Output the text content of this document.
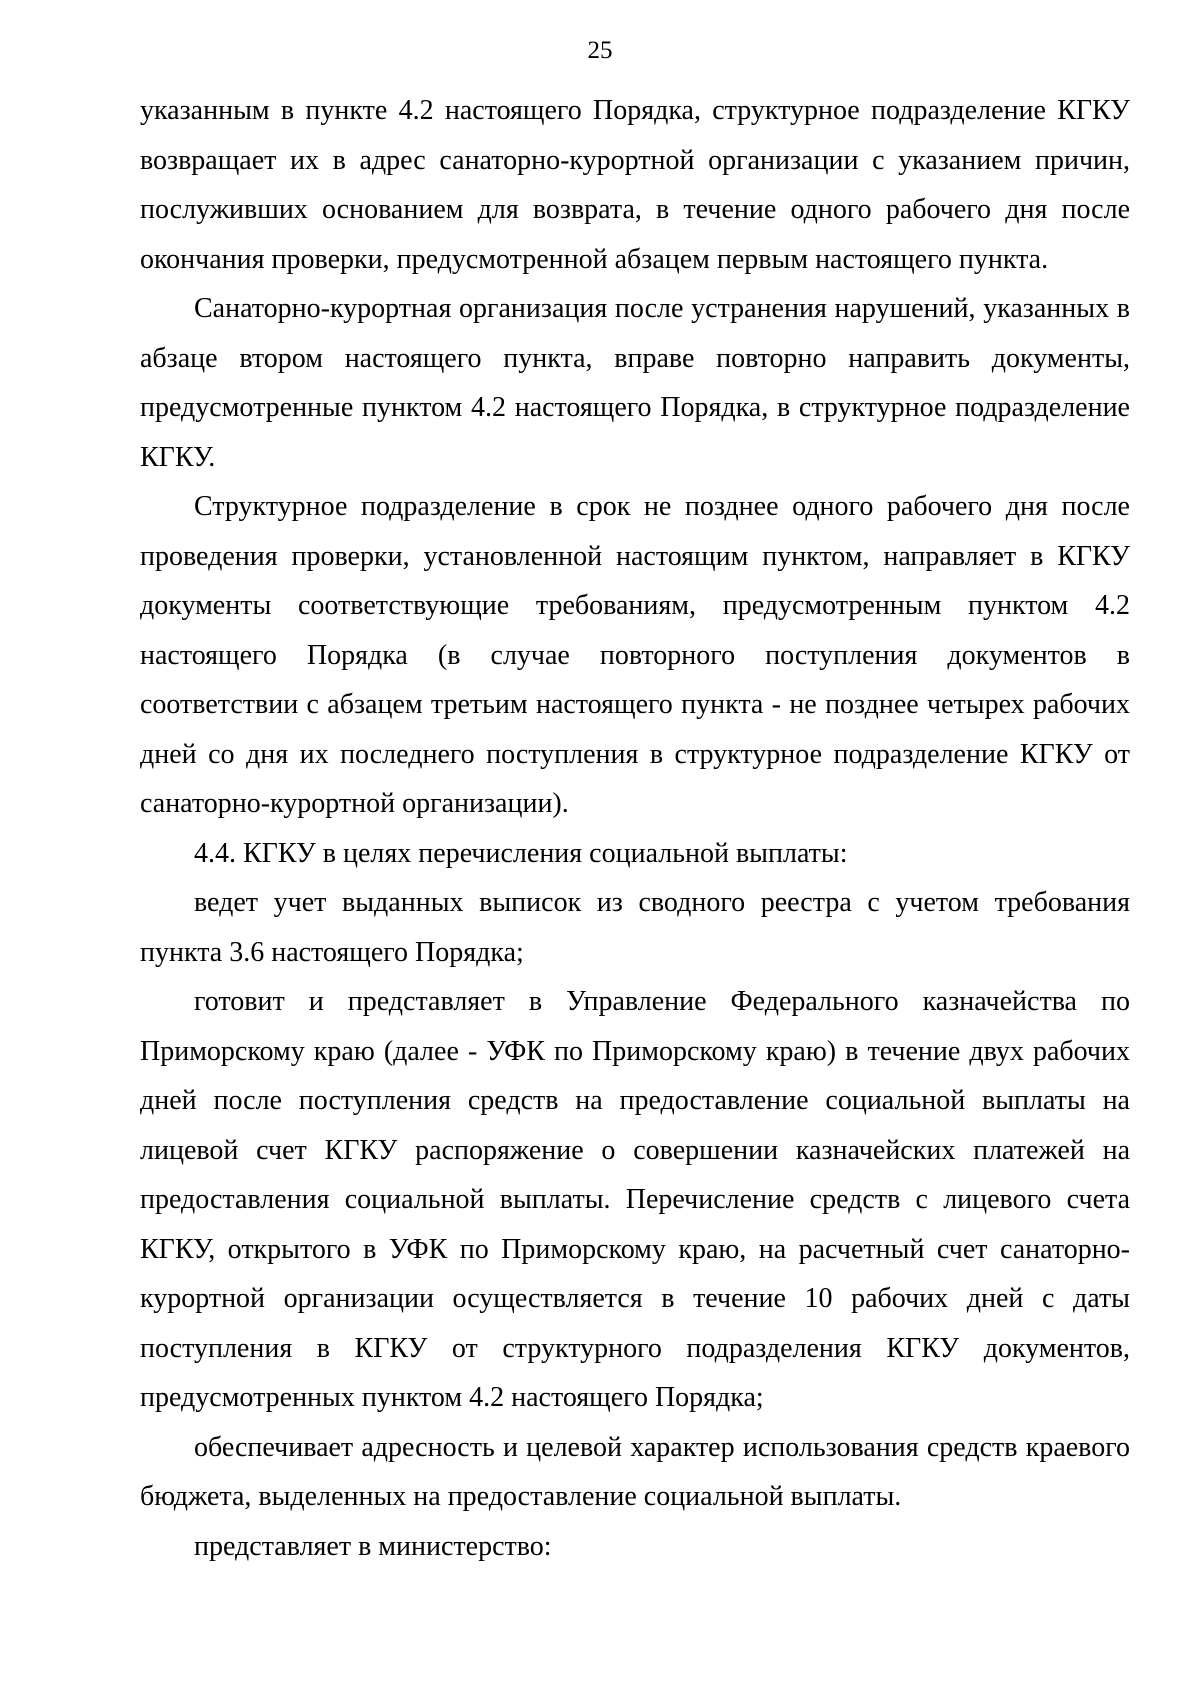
25

указанным в пункте 4.2 настоящего Порядка, структурное подразделение КГКУ возвращает их в адрес санаторно-курортной организации с указанием причин, послуживших основанием для возврата, в течение одного рабочего дня после окончания проверки, предусмотренной абзацем первым настоящего пункта.

Санаторно-курортная организация после устранения нарушений, указанных в абзаце втором настоящего пункта, вправе повторно направить документы, предусмотренные пунктом 4.2 настоящего Порядка, в структурное подразделение КГКУ.

Структурное подразделение в срок не позднее одного рабочего дня после проведения проверки, установленной настоящим пунктом, направляет в КГКУ документы соответствующие требованиям, предусмотренным пунктом 4.2 настоящего Порядка (в случае повторного поступления документов в соответствии с абзацем третьим настоящего пункта - не позднее четырех рабочих дней со дня их последнего поступления в структурное подразделение КГКУ от санаторно-курортной организации).

4.4. КГКУ в целях перечисления социальной выплаты:

ведет учет выданных выписок из сводного реестра с учетом требования пункта 3.6 настоящего Порядка;

готовит и представляет в Управление Федерального казначейства по Приморскому краю (далее - УФК по Приморскому краю) в течение двух рабочих дней после поступления средств на предоставление социальной выплаты на лицевой счет КГКУ распоряжение о совершении казначейских платежей на предоставления социальной выплаты. Перечисление средств с лицевого счета КГКУ, открытого в УФК по Приморскому краю, на расчетный счет санаторно-курортной организации осуществляется в течение 10 рабочих дней с даты поступления в КГКУ от структурного подразделения КГКУ документов, предусмотренных пунктом 4.2 настоящего Порядка;

обеспечивает адресность и целевой характер использования средств краевого бюджета, выделенных на предоставление социальной выплаты.

представляет в министерство:
